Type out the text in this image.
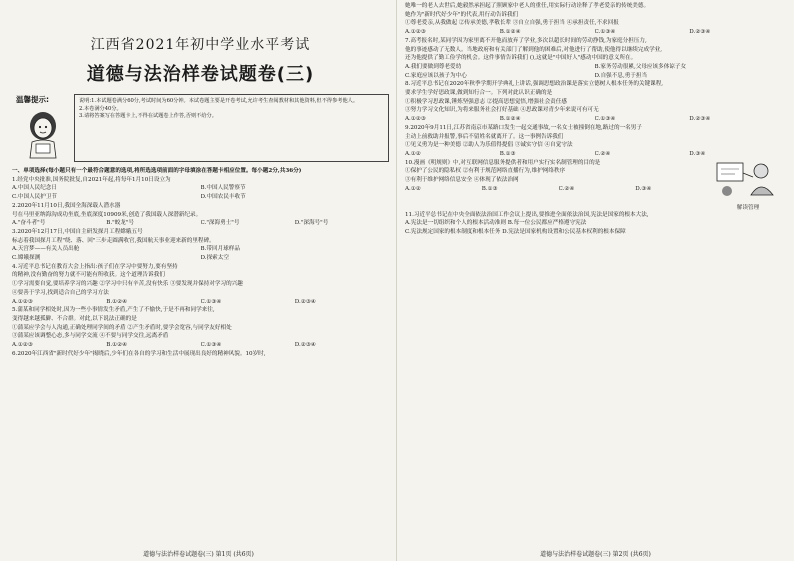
江西省2021年初中学业水平考试
道德与法治样卷试题卷(三)
温馨提示:	说明:1.本试题卷满分60分,考试时间为60分钟。本试卷题主要是开卷考试,允许考生查阅教材和其他资料,但不得参考他人。
2.本卷满分40分。
3.请将答案写在答题卡上,不得在试题卷上作答,否则不给分。
一、单项选择(每小题只有一个最符合题意的选项,将所选选项前面的字母填涂在答题卡相应位置。每小题2分,共36分)
1.经党中央批准,国务院批复,自2021年起,将每年1月10日设立为
A.中国人民纪念日	B.中国人民警察节
C.中国人民护卫节	D.中国农民丰收节
2.2020年11月10日,我国全海深载人潜水器
号在马里亚纳海沟成功坐底,坐底深度10909米,创造了我国载人深潜新纪录。
A."奋斗者"号	B."蛟龙"号	C."深海勇士"号	D."深海号"号
3.2020年12月17日,中国自主研发探月工程嫦娥五号
标志着我国探月工程"绕、落、回"三步走圆满收官,我国航天事业迎来新的里程碑。
A.天宫梦——有关人员出舱	B.带回月球样品
C.嫦娥探测	D.探索太空
4.习近平总书记在教育大会上指出:孩子们在学习中要努力,要有坚持
的精神,没有勤奋的努力就不可能有所收获。这个道理告诉我们
①学习需要自觉,要培养学习的兴趣 ②学习中只有辛苦,没有快乐 ③要发现并保持对学习的兴趣
④要善于学习,找到适合自己的学习方法
A.①②③	B.①②④	C.①③④	D.②③④
5.蒲某和同学相处时,因为一些小事情发生矛盾,产生了不愉快,于是不再和同学来往,
变得越来越孤僻、不合群。对此,以下说法正确的是
①蒲某应学会与人沟通,正确处理同学间的矛盾 ②产生矛盾时,要学会宽容,与同学友好相处
③蒲某应该调整心态,多与同学交流 ④不要与同学交往,远离矛盾
A.①②③	B.①②④	C.①③④	D.②③④
6.2020年江西省"新时代好少年"揭晓后,少年们在各自的学习和生活中展现出良好的精神风貌。10岁时,
道德与法治样卷试题卷(三) 第1页 (共6页)
她唯一的老人去世后,她毅然承担起了照顾家中老人的重任,用实际行动诠释了孝老爱亲的传统美德。
她作为"新时代好少年"的代表,用行动告诉我们
①尊老爱亲,从我做起 ②传承美德,孝敬长辈 ③自立自强,勇于担当 ④承担责任,不求回报
A.①②③	B.①②④	C.①③④	D.②③④
7.高考报名时,某同学因为家里离不开他而放弃了学业,多次以超长时间的劳动挣钱,为家庭分担压力,
他的事迹感动了无数人。当地政府和有关部门了解到他的困难后,对他进行了帮助,使他得以继续完成学业,
还为他提供了勤工俭学的机会。这件事情告诉我们 (),这就是"中国好人"感动中国的意义所在。
A.我们要做到尊老爱幼	B.家务劳动很累,父母应该多体谅子女
C.家庭应该以孩子为中心	D.自强不息,勇于担当
8.习近平总书记在2020年秋季学期开学典礼上讲话,强调思想政治课是落实立德树人根本任务的关键课程,
要求学生学好思政课,做到知行合一。下列对此认识正确的是
①积极学习思政课,锤炼坚强意志 ②提高思想觉悟,增强社会责任感
③努力学习文化知识,为将来服务社会打好基础 ④思政课对青少年来说可有可无
A.①②③	B.①②④	C.①③④	D.②③④
9.2020年9月11日,江苏省南京市某路口发生一起交通事故,一名女士被撞倒在地,路过的一名男子
主动上前救助并报警,事后不留姓名就离开了。这一事例告诉我们
①见义勇为是一种美德 ②助人为乐值得提倡 ③诚实守信 ④自觉守法
A.①②	B.①③	C.②④	D.③④
10.漫画《明规则》中,对互联网信息服务提供者和用户实行实名制管理的目的是
①保护了公民的隐私权 ②有利于规范网络直播行为,维护网络秩序
③有利于维护网络信息安全 ④体现了依法治网
A.①②	B.①③	C.②④	D.③④
解读管理
11.习近平总书记在中央全面依法治国工作会议上提出,要推进全面依法治国,宪法是国家的根本大法,
A.宪法是一切组织和个人的根本活动准则 B.每一位公民都应严格遵守宪法
C.宪法规定国家的根本制度和根本任务 D.宪法是国家机构设置和公民基本权利的根本保障
道德与法治样卷试题卷(三) 第2页 (共6页)
